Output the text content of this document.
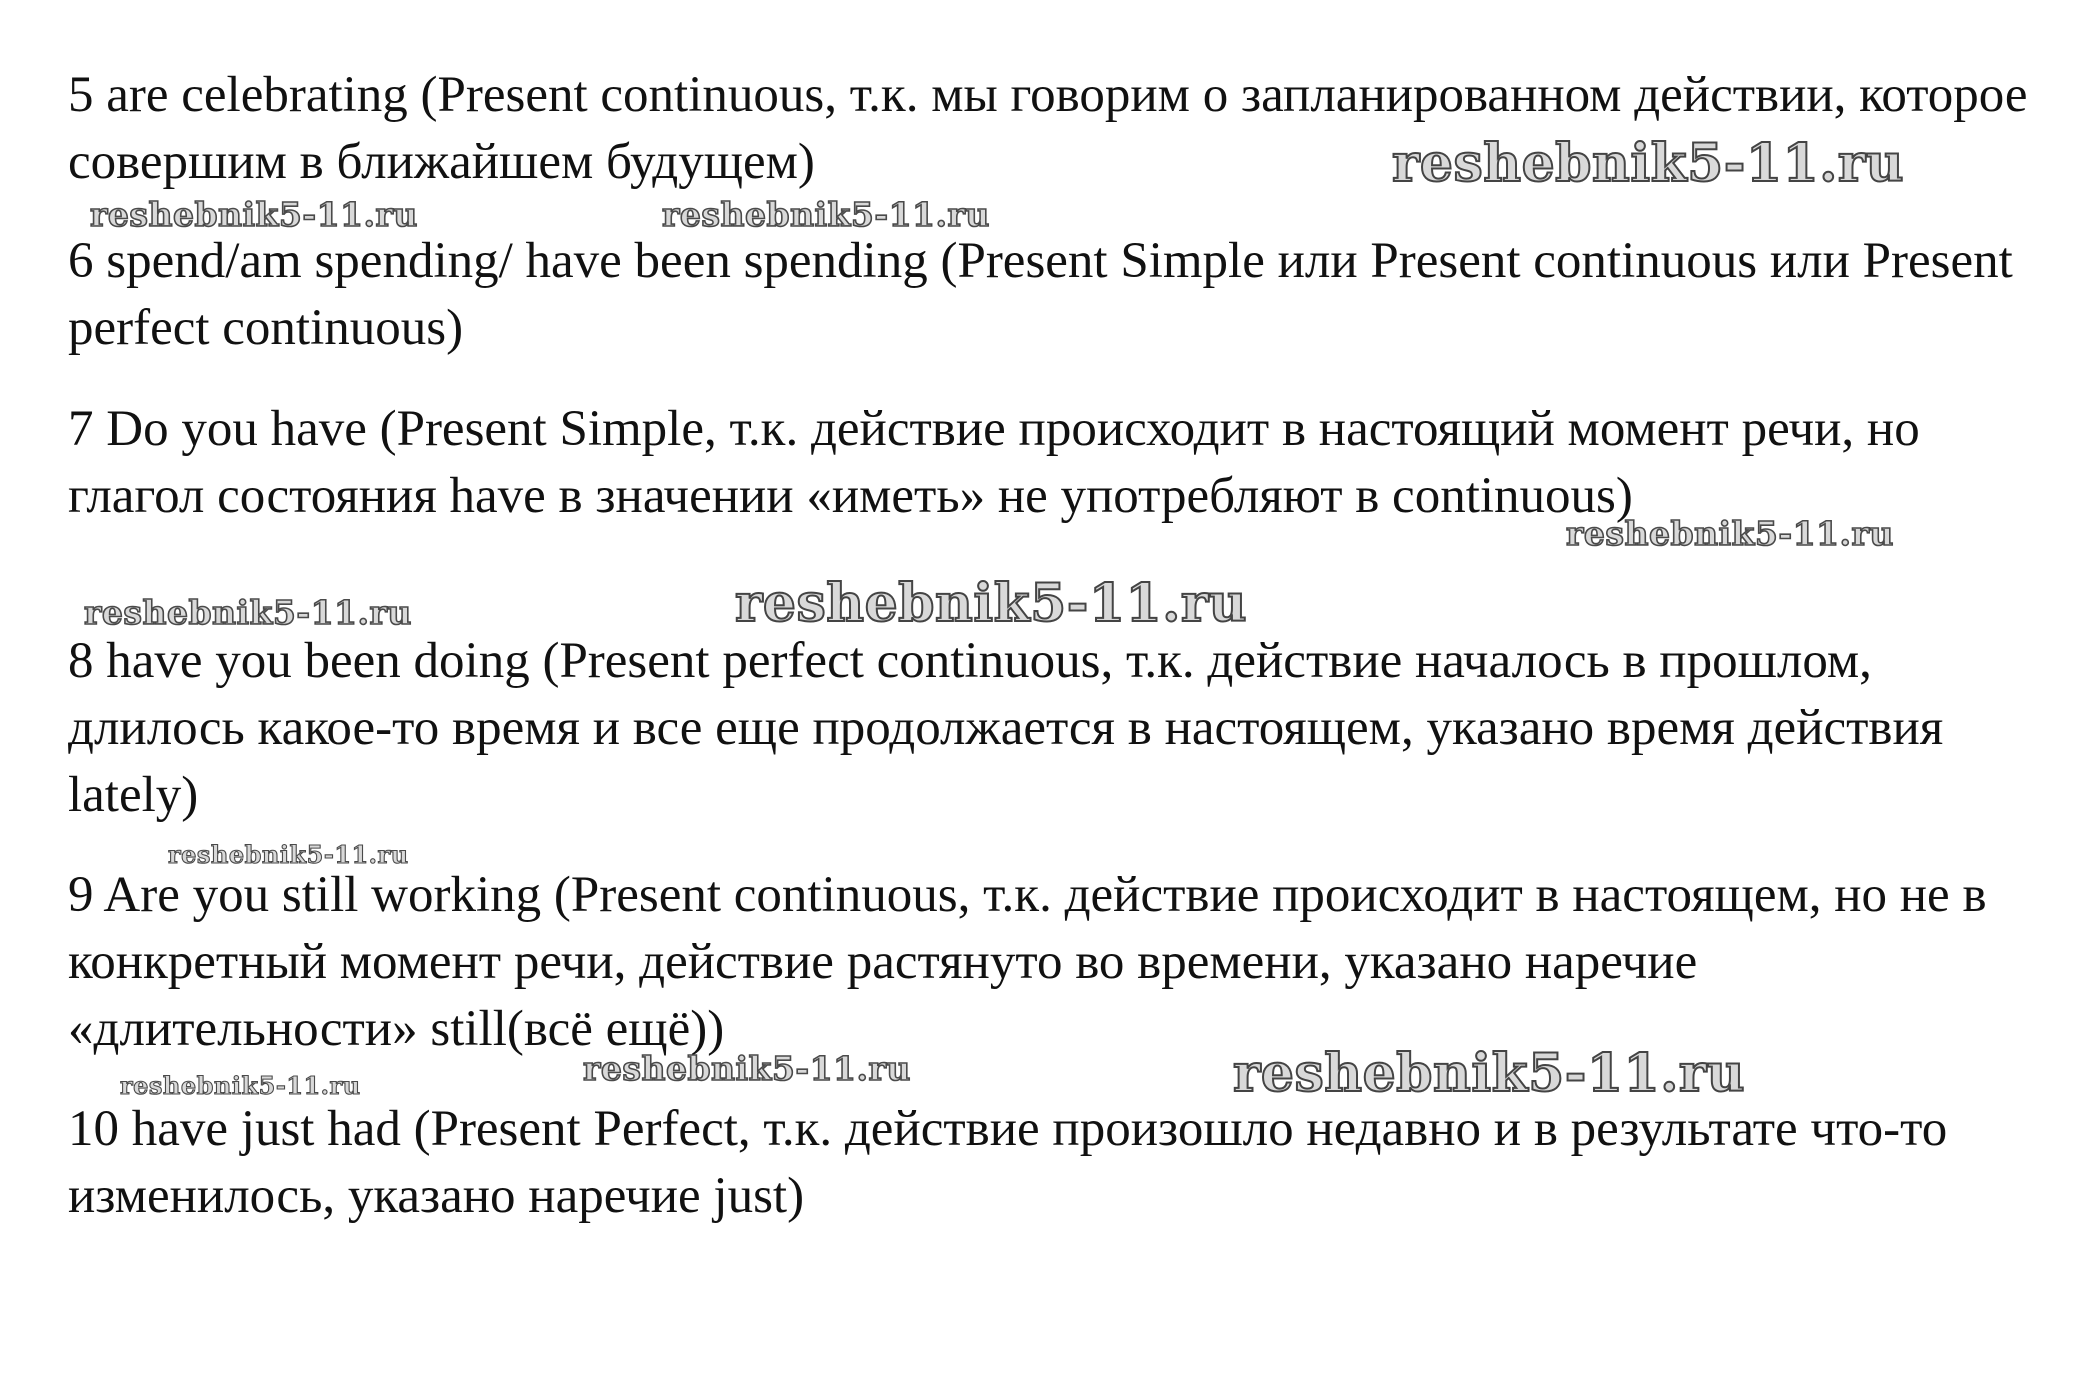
5 are celebrating (Present continuous, т.к. мы говорим о запланированном действии, которое совершим в ближайшем будущем)

6 spend/am spending/ have been spending (Present Simple или Present continuous или Present perfect continuous)

7 Do you have (Present Simple, т.к. действие происходит в настоящий момент речи, но глагол состояния have в значении «иметь» не употребляют в continuous)

8 have you been doing (Present perfect continuous, т.к. действие началось в прошлом, длилось какое-то время и все еще продолжается в настоящем, указано время действия lately)

9 Are you still working (Present continuous, т.к. действие происходит в настоящем, но не в конкретный момент речи, действие растянуто во времени, указано наречие «длительности» still(всё ещё))

10 have just had (Present Perfect, т.к. действие произошло недавно и в результате что-то изменилось, указано наречие just)

reshebnik5-11.ru
reshebnik5-11.ru	reshebnik5-11.ru
reshebnik5-11.ru
reshebnik5-11.ru	reshebnik5-11.ru
reshebnik5-11.ru
reshebnik5-11.ru	reshebnik5-11.ru	reshebnik5-11.ru
